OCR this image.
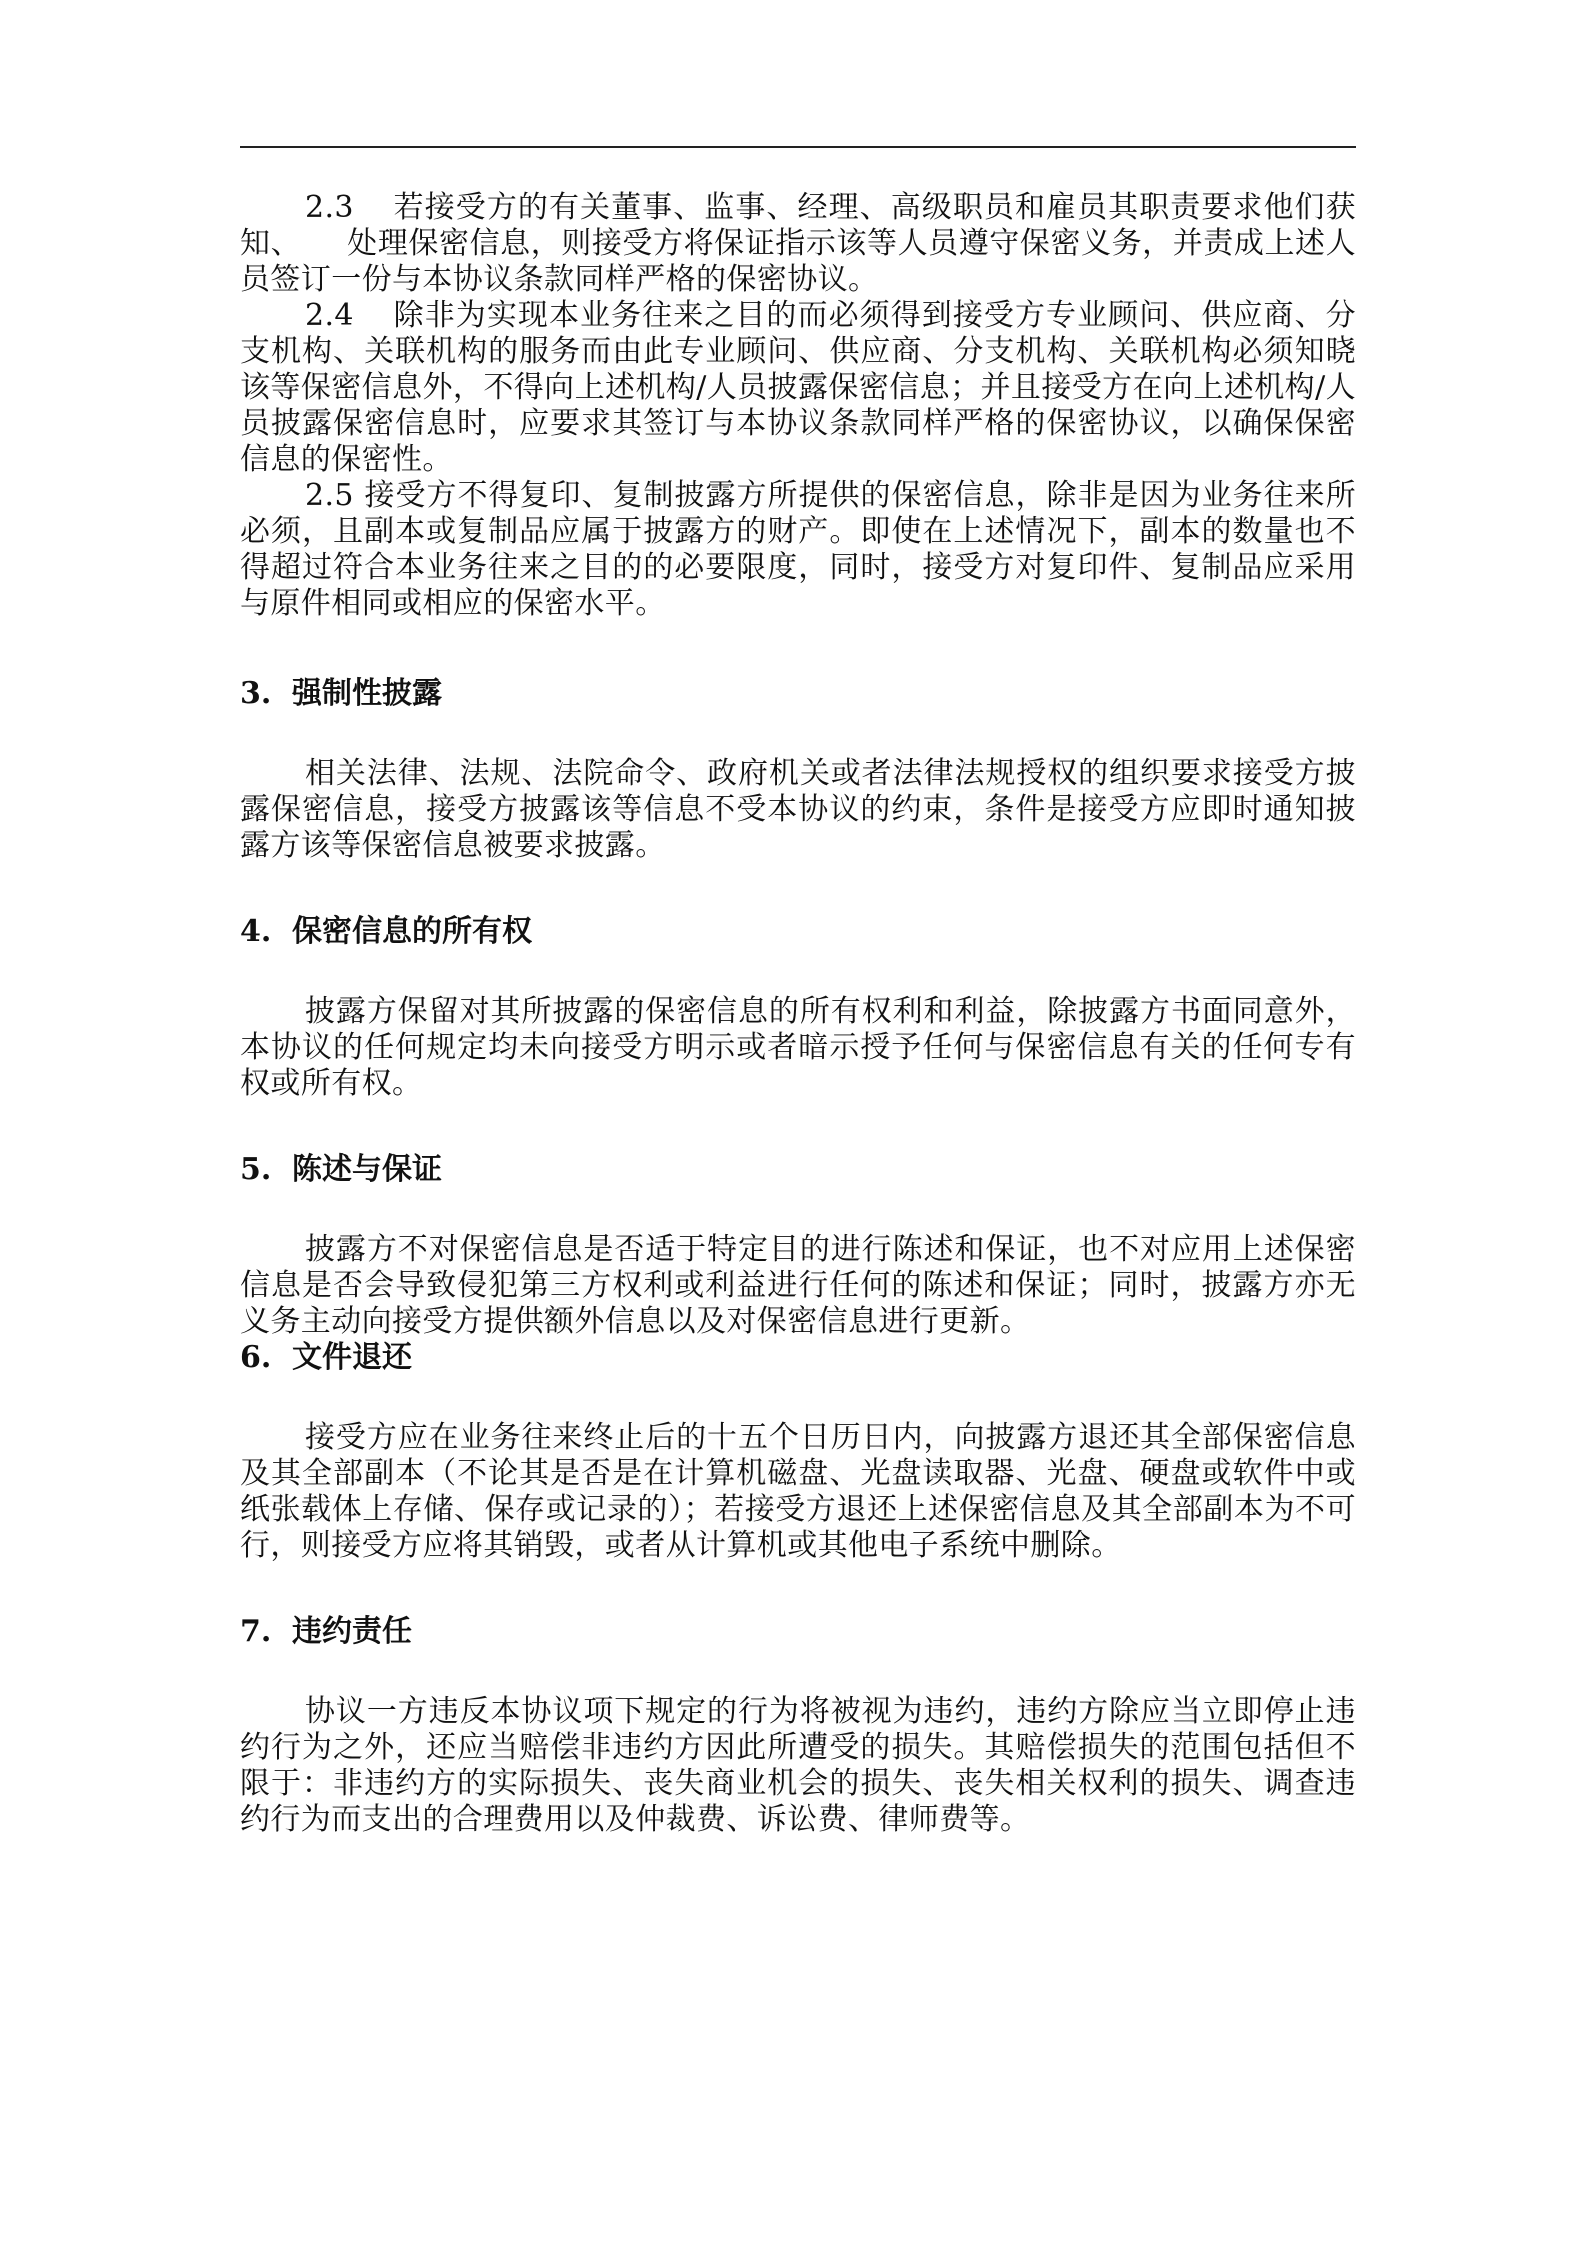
2.3 若接受方的有关董事、监事、经理、高级职员和雇员其职责要求他们获知、　　处理保密信息，则接受方将保证指示该等人员遵守保密义务，并责成上述人员签订一份与本协议条款同样严格的保密协议。

2.4 除非为实现本业务往来之目的而必须得到接受方专业顾问、供应商、分支机构、关联机构的服务而由此专业顾问、供应商、分支机构、关联机构必须知晓该等保密信息外，不得向上述机构/人员披露保密信息；并且接受方在向上述机构/人员披露保密信息时，应要求其签订与本协议条款同样严格的保密协议，以确保保密信息的保密性。

2.5 接受方不得复印、复制披露方所提供的保密信息，除非是因为业务往来所必须，且副本或复制品应属于披露方的财产。即使在上述情况下，副本的数量也不得超过符合本业务往来之目的的必要限度，同时，接受方对复印件、复制品应采用与原件相同或相应的保密水平。

3. 强制性披露

相关法律、法规、法院命令、政府机关或者法律法规授权的组织要求接受方披露保密信息，接受方披露该等信息不受本协议的约束，条件是接受方应即时通知披露方该等保密信息被要求披露。

4. 保密信息的所有权

披露方保留对其所披露的保密信息的所有权利和利益，除披露方书面同意外，本协议的任何规定均未向接受方明示或者暗示授予任何与保密信息有关的任何专有权或所有权。

5. 陈述与保证

披露方不对保密信息是否适于特定目的进行陈述和保证，也不对应用上述保密信息是否会导致侵犯第三方权利或利益进行任何的陈述和保证；同时，披露方亦无义务主动向接受方提供额外信息以及对保密信息进行更新。

6. 文件退还

接受方应在业务往来终止后的十五个日历日内，向披露方退还其全部保密信息及其全部副本（不论其是否是在计算机磁盘、光盘读取器、光盘、硬盘或软件中或纸张载体上存储、保存或记录的）；若接受方退还上述保密信息及其全部副本为不可行，则接受方应将其销毁，或者从计算机或其他电子系统中删除。

7. 违约责任

协议一方违反本协议项下规定的行为将被视为违约，违约方除应当立即停止违约行为之外，还应当赔偿非违约方因此所遭受的损失。其赔偿损失的范围包括但不限于：非违约方的实际损失、丧失商业机会的损失、丧失相关权利的损失、调查违约行为而支出的合理费用以及仲裁费、诉讼费、律师费等。
